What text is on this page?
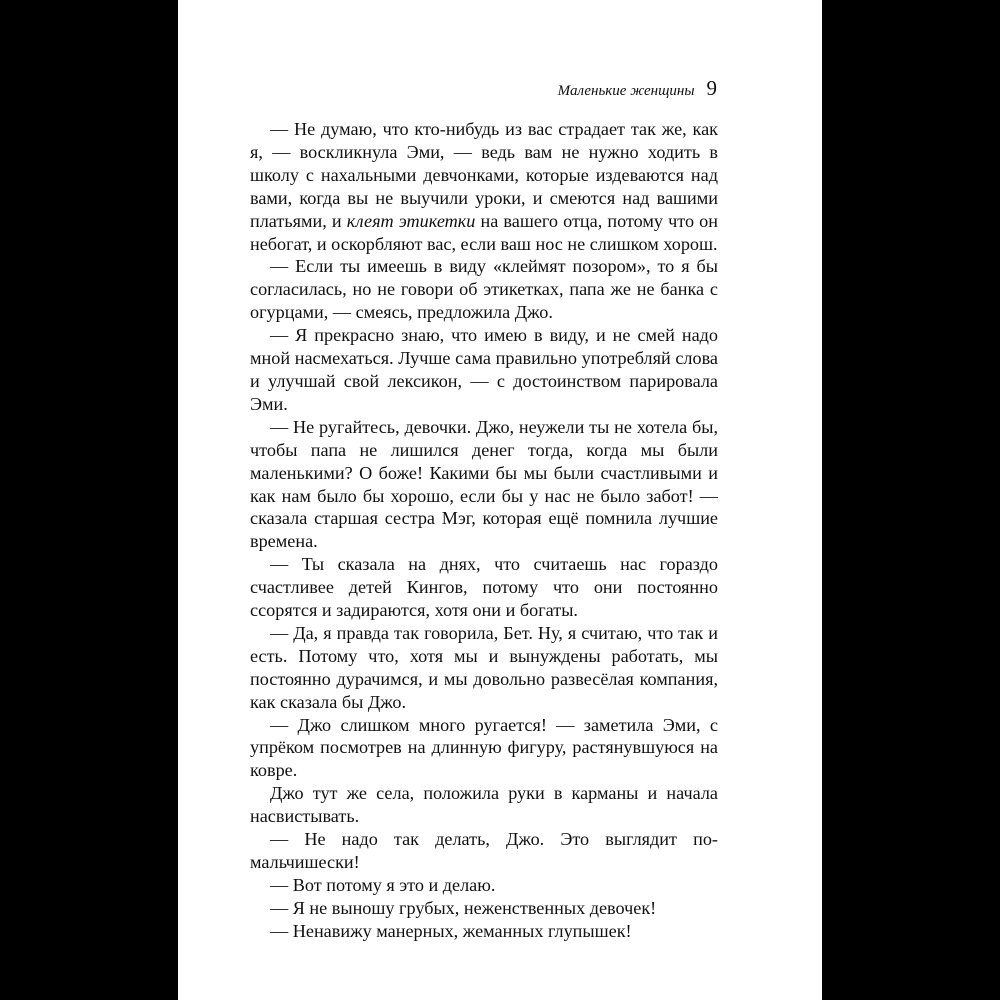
Маленькие женщины 9

— Не думаю, что кто-нибудь из вас страдает так же, как я, — воскликнула Эми, — ведь вам не нужно ходить в школу с нахальными девчонками, которые издеваются над вами, когда вы не выучили уроки, и смеются над вашими платьями, и клеят этикетки на вашего отца, потому что он небогат, и оскорбляют вас, если ваш нос не слишком хорош.

— Если ты имеешь в виду «клеймят позором», то я бы согласилась, но не говори об этикетках, папа же не банка с огурцами, — смеясь, предложила Джо.

— Я прекрасно знаю, что имею в виду, и не смей надо мной насмехаться. Лучше сама правильно употребляй слова и улучшай свой лексикон, — с достоинством парировала Эми.

— Не ругайтесь, девочки. Джо, неужели ты не хотела бы, чтобы папа не лишился денег тогда, когда мы были маленькими? О боже! Какими бы мы были счастливыми и как нам было бы хорошо, если бы у нас не было забот! — сказала старшая сестра Мэг, которая ещё помнила лучшие времена.

— Ты сказала на днях, что считаешь нас гораздо счастливее детей Кингов, потому что они постоянно ссорятся и задираются, хотя они и богаты.

— Да, я правда так говорила, Бет. Ну, я считаю, что так и есть. Потому что, хотя мы и вынуждены работать, мы постоянно дурачимся, и мы довольно развесёлая компания, как сказала бы Джо.

— Джо слишком много ругается! — заметила Эми, с упрёком посмотрев на длинную фигуру, растянувшуюся на ковре.

Джо тут же села, положила руки в карманы и начала насвистывать.

— Не надо так делать, Джо. Это выглядит по-мальчишески!

— Вот потому я это и делаю.

— Я не выношу грубых, неженственных девочек!

— Ненавижу манерных, жеманных глупышек!
